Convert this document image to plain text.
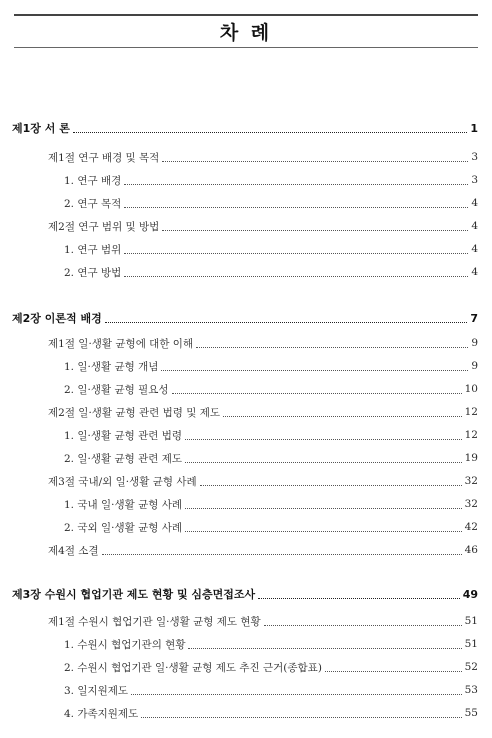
차 례
제1장 서 론	1
제1절 연구 배경 및 목적	3
1. 연구 배경	3
2. 연구 목적	4
제2절 연구 범위 및 방법	4
1. 연구 범위	4
2. 연구 방법	4
제2장 이론적 배경	7
제1절 일·생활 균형에 대한 이해	9
1. 일·생활 균형 개념	9
2. 일·생활 균형 필요성	10
제2절 일·생활 균형 관련 법령 및 제도	12
1. 일·생활 균형 관련 법령	12
2. 일·생활 균형 관련 제도	19
제3절 국내/외 일·생활 균형 사례	32
1. 국내 일·생활 균형 사례	32
2. 국외 일·생활 균형 사례	42
제4절 소결	46
제3장 수원시 협업기관 제도 현황 및 심층면접조사	49
제1절 수원시 협업기관 일·생활 균형 제도 현황	51
1. 수원시 협업기관의 현황	51
2. 수원시 협업기관 일·생활 균형 제도 추진 근거(종합표)	52
3. 일지원제도	53
4. 가족지원제도	55
